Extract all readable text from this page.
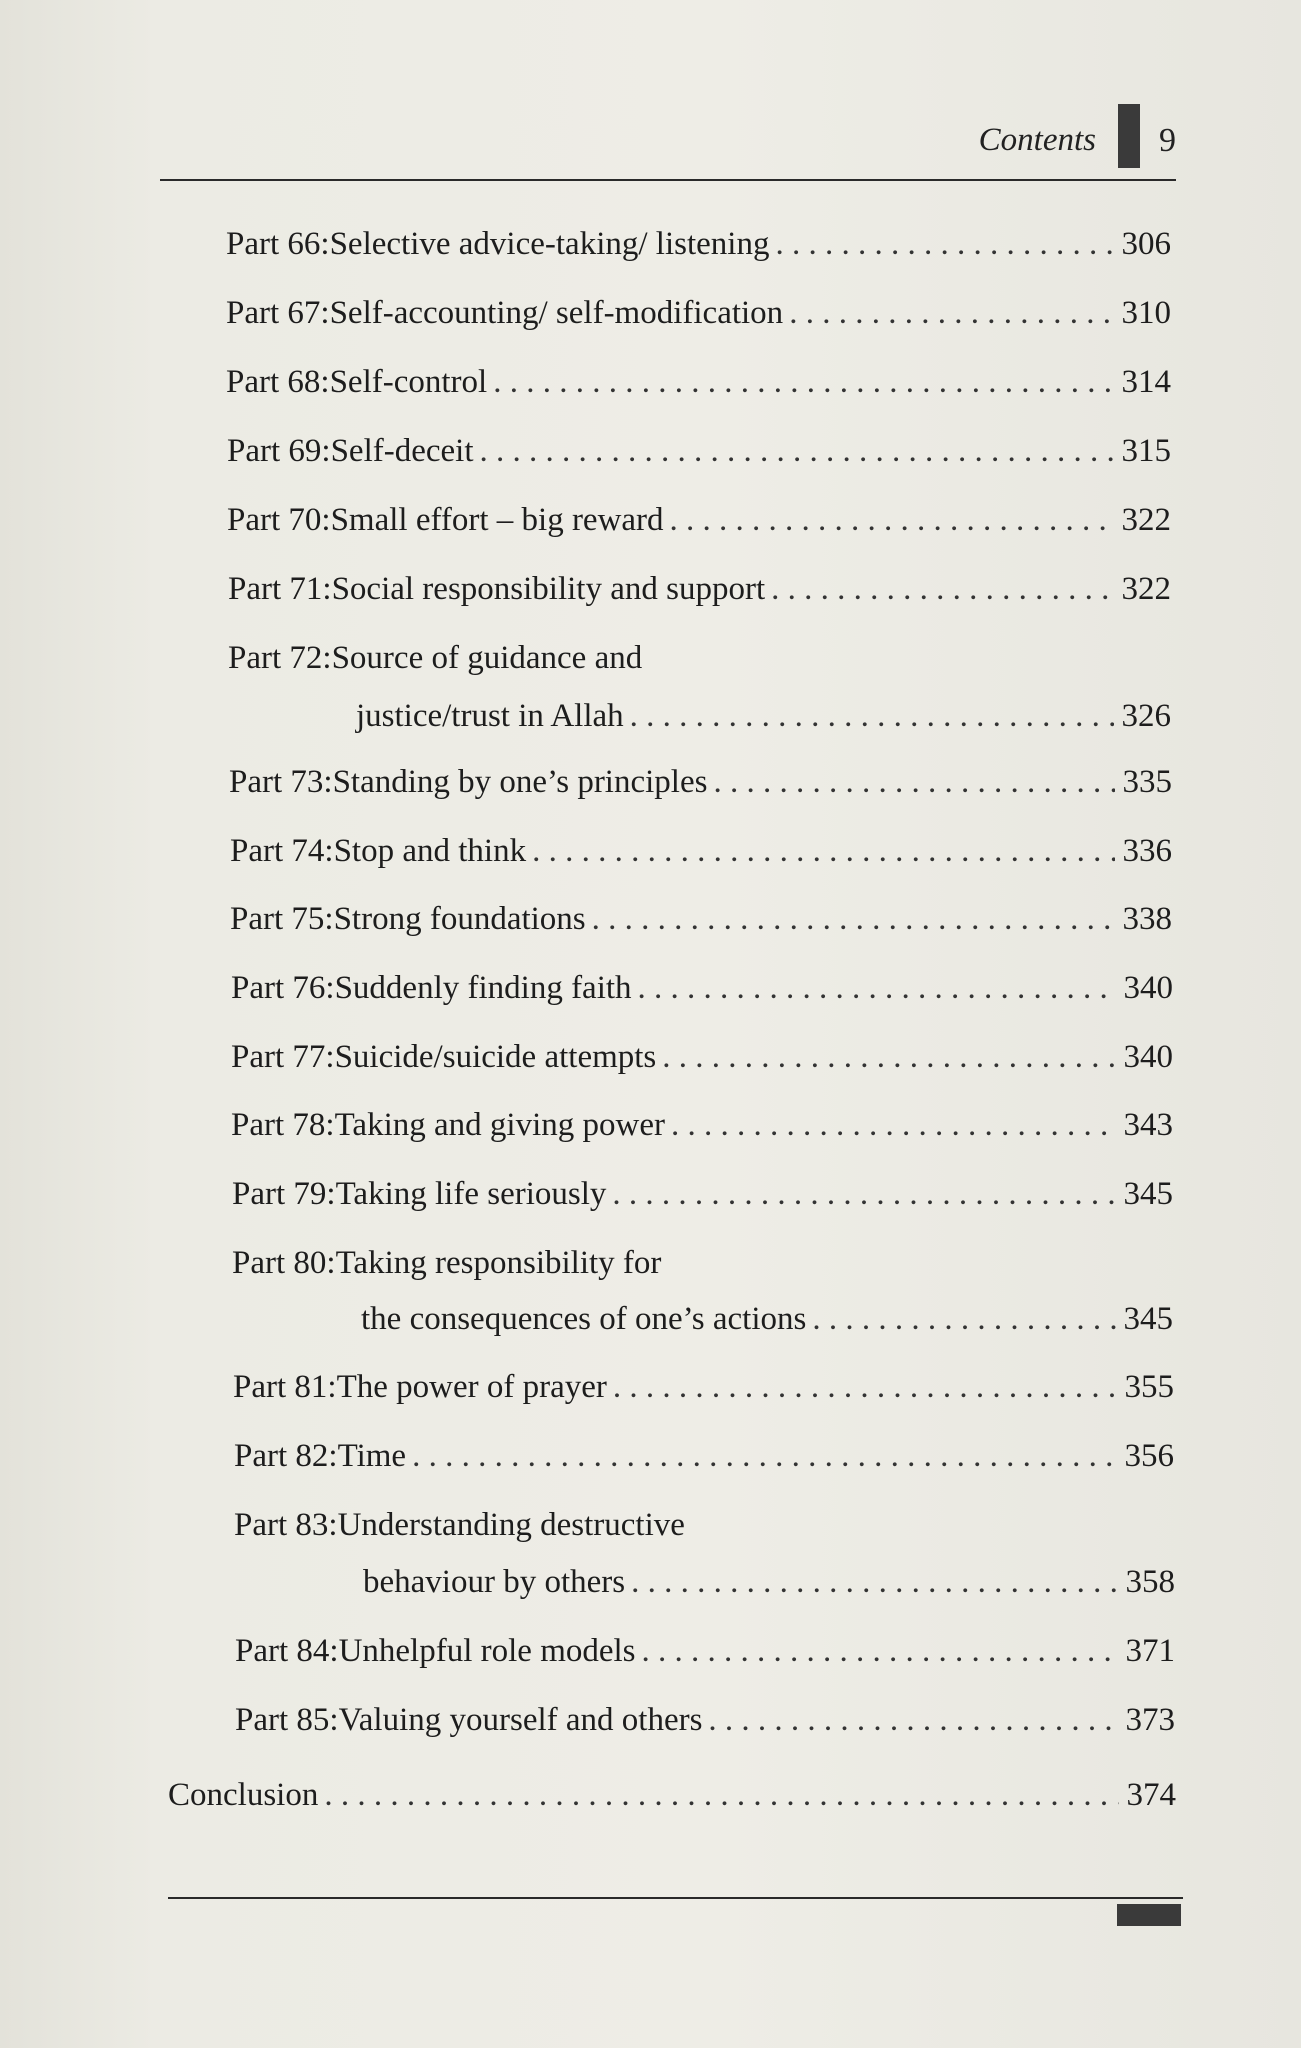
Contents 9
Part 66: Selective advice-taking/ listening . . .	306
Part 67: Self-accounting/ self-modification . . .	310
Part 68: Self-control . . .	314
Part 69: Self-deceit . . .	315
Part 70: Small effort – big reward . . .	322
Part 71: Social responsibility and support . . .	322
Part 72:Source of guidance and
justice/trust in Allah . . .	326
Part 73: Standing by one’s principles . . .	335
Part 74: Stop and think . . .	336
Part 75: Strong foundations . . .	338
Part 76: Suddenly finding faith . . .	340
Part 77: Suicide/suicide attempts . . .	340
Part 78: Taking and giving power . . .	343
Part 79: Taking life seriously . . .	345
Part 80:Taking responsibility for
the consequences of one’s actions . . .	345
Part 81: The power of prayer . . .	355
Part 82: Time . . .	356
Part 83:Understanding destructive
behaviour by others . . .	358
Part 84: Unhelpful role models . . .	371
Part 85: Valuing yourself and others . . .	373
Conclusion . . .	374
